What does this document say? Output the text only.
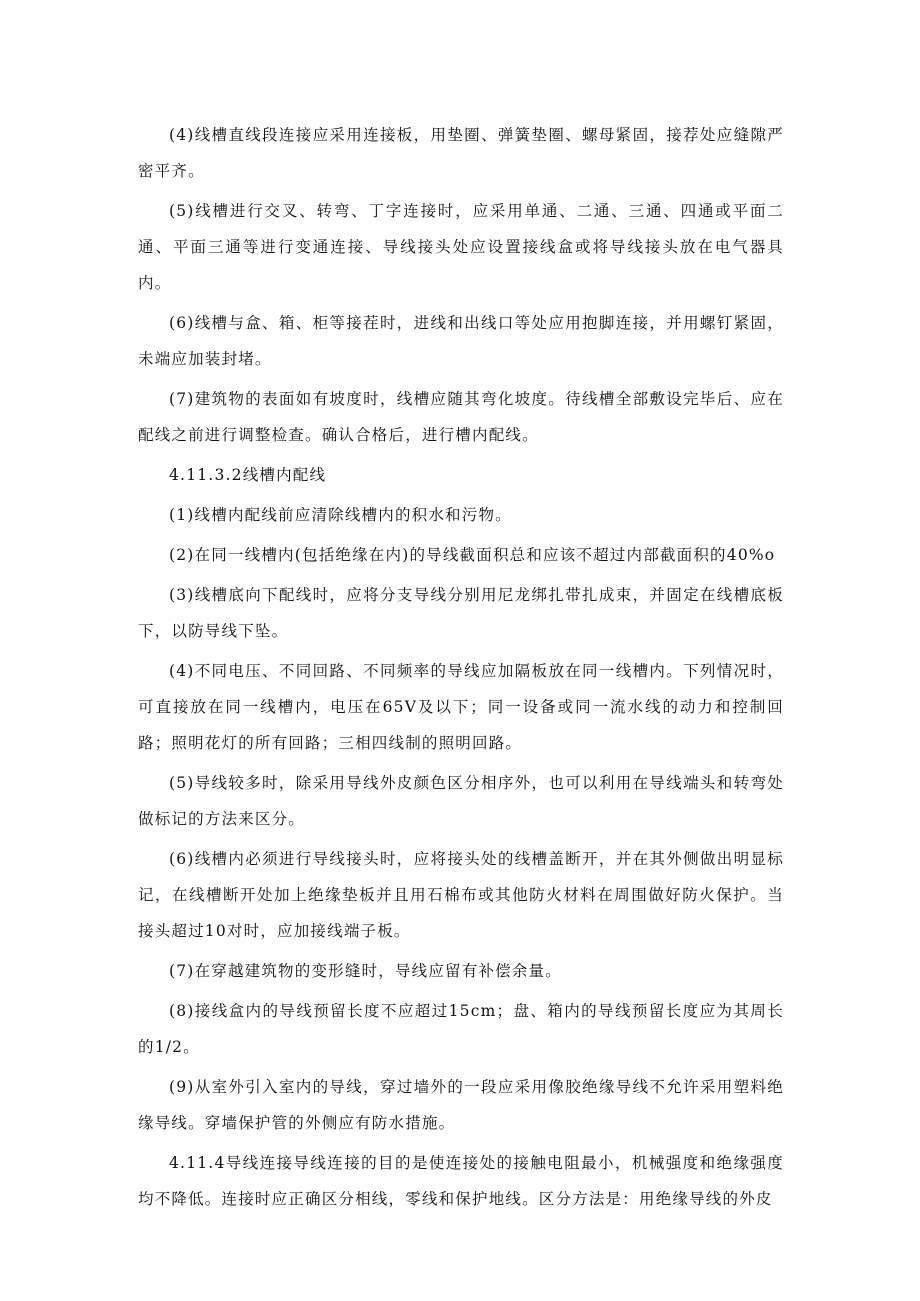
(4)线槽直线段连接应采用连接板，用垫圈、弹簧垫圈、螺母紧固，接荐处应缝隙严密平齐。

(5)线槽进行交叉、转弯、丁字连接时，应采用单通、二通、三通、四通或平面二通、平面三通等进行变通连接、导线接头处应设置接线盒或将导线接头放在电气器具内。

(6)线槽与盒、箱、柜等接茬时，进线和出线口等处应用抱脚连接，并用螺钉紧固，未端应加装封堵。

(7)建筑物的表面如有坡度时，线槽应随其弯化坡度。待线槽全部敷设完毕后、应在配线之前进行调整检查。确认合格后，进行槽内配线。

4.11.3.2线槽内配线

(1)线槽内配线前应清除线槽内的积水和污物。

(2)在同一线槽内(包括绝缘在内)的导线截面积总和应该不超过内部截面积的40%o

(3)线槽底向下配线时，应将分支导线分别用尼龙绑扎带扎成束，并固定在线槽底板下，以防导线下坠。

(4)不同电压、不同回路、不同频率的导线应加隔板放在同一线槽内。下列情况时，可直接放在同一线槽内，电压在65V及以下；同一设备或同一流水线的动力和控制回路；照明花灯的所有回路；三相四线制的照明回路。

(5)导线较多时，除采用导线外皮颜色区分相序外，也可以利用在导线端头和转弯处做标记的方法来区分。

(6)线槽内必须进行导线接头时，应将接头处的线槽盖断开，并在其外侧做出明显标记，在线槽断开处加上绝缘垫板并且用石棉布或其他防火材料在周围做好防火保护。当接头超过10对时，应加接线端子板。

(7)在穿越建筑物的变形缝时，导线应留有补偿余量。

(8)接线盒内的导线预留长度不应超过15cm；盘、箱内的导线预留长度应为其周长的1/2。

(9)从室外引入室内的导线，穿过墙外的一段应采用像胶绝缘导线不允许采用塑料绝缘导线。穿墙保护管的外侧应有防水措施。

4.11.4导线连接导线连接的目的是使连接处的接触电阻最小，机械强度和绝缘强度均不降低。连接时应正确区分相线，零线和保护地线。区分方法是：用绝缘导线的外皮
